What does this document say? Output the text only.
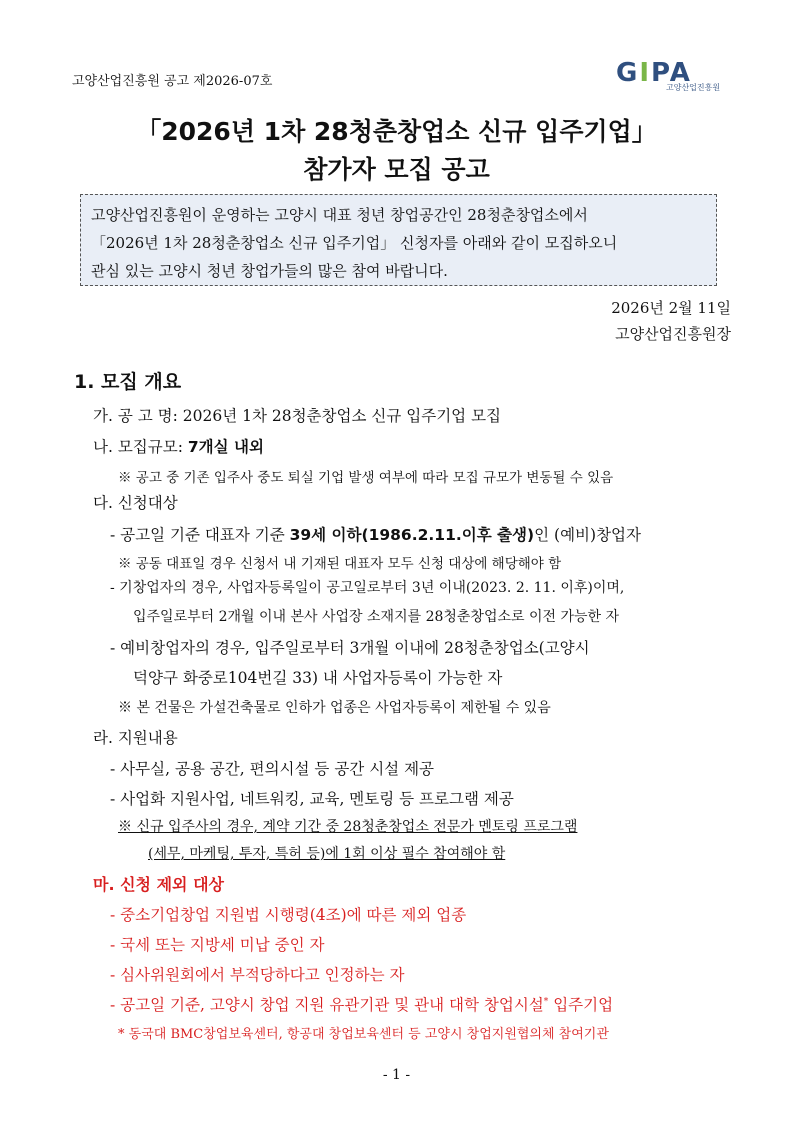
고양산업진흥원 공고 제2026-07호	GIPA
고양산업진흥원
「2026년 1차 28청춘창업소 신규 입주기업」
참가자 모집 공고
고양산업진흥원이 운영하는 고양시 대표 청년 창업공간인 28청춘창업소에서
「2026년 1차 28청춘창업소 신규 입주기업」 신청자를 아래와 같이 모집하오니
관심 있는 고양시 청년 창업가들의 많은 참여 바랍니다.
2026년 2월 11일
고양산업진흥원장
1. 모집 개요
가. 공 고 명: 2026년 1차 28청춘창업소 신규 입주기업 모집
나. 모집규모: 7개실 내외
※ 공고 중 기존 입주사 중도 퇴실 기업 발생 여부에 따라 모집 규모가 변동될 수 있음
다. 신청대상
- 공고일 기준 대표자 기준 39세 이하(1986.2.11.이후 출생)인 (예비)창업자
※ 공동 대표일 경우 신청서 내 기재된 대표자 모두 신청 대상에 해당해야 함
- 기창업자의 경우, 사업자등록일이 공고일로부터 3년 이내(2023. 2. 11. 이후)이며,
입주일로부터 2개월 이내 본사 사업장 소재지를 28청춘창업소로 이전 가능한 자
- 예비창업자의 경우, 입주일로부터 3개월 이내에 28청춘창업소(고양시
덕양구 화중로104번길 33) 내 사업자등록이 가능한 자
※ 본 건물은 가설건축물로 인하가 업종은 사업자등록이 제한될 수 있음
라. 지원내용
- 사무실, 공용 공간, 편의시설 등 공간 시설 제공
- 사업화 지원사업, 네트워킹, 교육, 멘토링 등 프로그램 제공
※ 신규 입주사의 경우, 계약 기간 중 28청춘창업소 전문가 멘토링 프로그램
(세무, 마케팅, 투자, 특허 등)에 1회 이상 필수 참여해야 함
마. 신청 제외 대상
- 중소기업창업 지원법 시행령(4조)에 따른 제외 업종
- 국세 또는 지방세 미납 중인 자
- 심사위원회에서 부적당하다고 인정하는 자
- 공고일 기준, 고양시 창업 지원 유관기관 및 관내 대학 창업시설* 입주기업
* 동국대 BMC창업보육센터, 항공대 창업보육센터 등 고양시 창업지원협의체 참여기관
- 1 -
